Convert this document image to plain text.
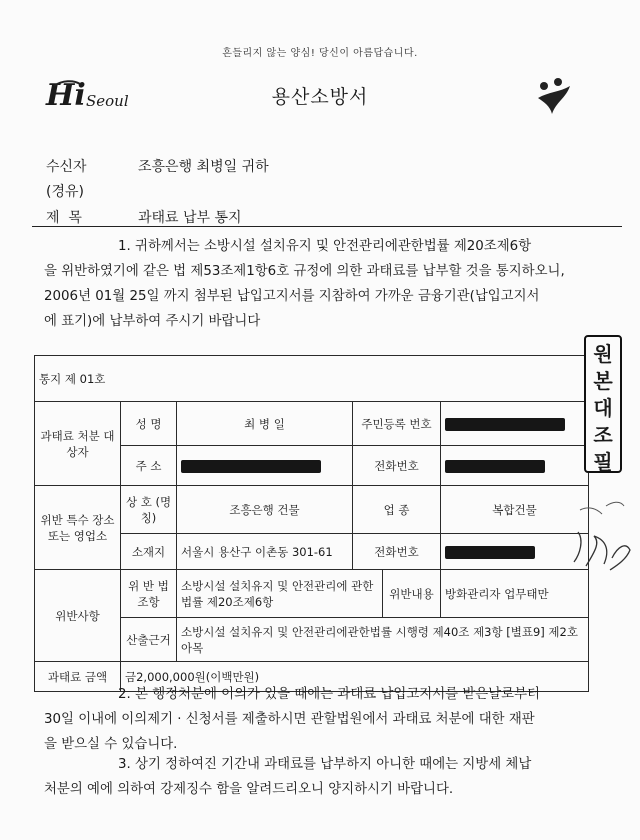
흔들리지 않는 양심! 당신이 아름답습니다.
Hi Seoul	용산소방서
수신자	조흥은행 최병일 귀하
(경유)
제  목	과태료 납부 통지

1. 귀하께서는 소방시설 설치유지 및 안전관리에관한법률 제20조제6항

을 위반하였기에 같은 법 제53조제1항6호 규정에 의한 과태료를 납부할 것을 통지하오니,

2006년 01월 25일 까지 첨부된 납입고지서를 지참하여 가까운 금융기관(납입고지서

에 표기)에 납부하여 주시기 바랍니다

통지 제 01호					
과태료 처분 대상자	성 명	최 병 일	주민등록 번호		
	주 소		전화번호		
위반 특수 장소 또는 영업소	상 호 (명 칭)	조흥은행 건물	업 종		복합건물
	소재지	서울시 용산구 이촌동 301-61	전화번호		
위반사항	위 반 법조항	소방시설 설치유지 및 안전관리에 관한법률 제20조제6항		위반내용	방화관리자 업무태만
	산출근거	소방시설 설치유지 및 안전관리에관한법률 시행령 제40조 제3항 [별표9] 제2호아목			
과태료 금액	금2,000,000원(이백만원)				
원
본
대
조
필

2. 본 행정처분에 이의가 있을 때에는 과태료 납입고지서를 받은날로부터

30일 이내에 이의제기 · 신청서를 제출하시면 관할법원에서 과태료 처분에 대한 재판

을 받으실 수 있습니다.

3. 상기 정하여진 기간내 과태료를 납부하지 아니한 때에는 지방세 체납

처분의 예에 의하여 강제징수 함을 알려드리오니 양지하시기 바랍니다.
